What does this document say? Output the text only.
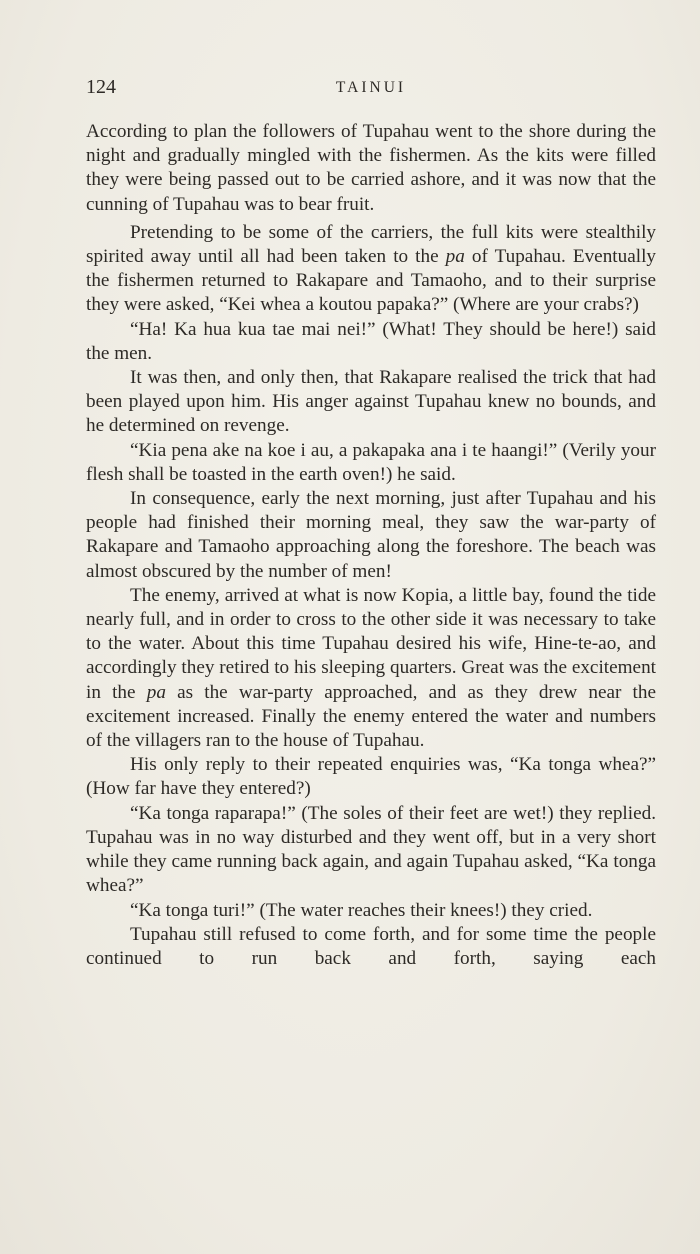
124	TAINUI

According to plan the followers of Tupahau went to the shore during the night and gradually mingled with the fishermen. As the kits were filled they were being passed out to be carried ashore, and it was now that the cunning of Tupahau was to bear fruit.

Pretending to be some of the carriers, the full kits were stealthily spirited away until all had been taken to the pa of Tupahau. Eventually the fishermen returned to Rakapare and Tamaoho, and to their surprise they were asked, “Kei whea a koutou papaka?” (Where are your crabs?)

“Ha! Ka hua kua tae mai nei!” (What! They should be here!) said the men.

It was then, and only then, that Rakapare realised the trick that had been played upon him. His anger against Tupahau knew no bounds, and he determined on revenge.

“Kia pena ake na koe i au, a pakapaka ana i te haangi!” (Verily your flesh shall be toasted in the earth oven!) he said.

In consequence, early the next morning, just after Tupahau and his people had finished their morning meal, they saw the war-party of Rakapare and Tamaoho approaching along the foreshore. The beach was almost obscured by the number of men!

The enemy, arrived at what is now Kopia, a little bay, found the tide nearly full, and in order to cross to the other side it was necessary to take to the water. About this time Tupahau desired his wife, Hine-te-ao, and accordingly they retired to his sleeping quarters. Great was the excitement in the pa as the war-party approached, and as they drew near the excitement increased. Finally the enemy entered the water and numbers of the villagers ran to the house of Tupahau.

His only reply to their repeated enquiries was, “Ka tonga whea?” (How far have they entered?)

“Ka tonga raparapa!” (The soles of their feet are wet!) they replied. Tupahau was in no way disturbed and they went off, but in a very short while they came running back again, and again Tupahau asked, “Ka tonga whea?”

“Ka tonga turi!” (The water reaches their knees!) they cried.

Tupahau still refused to come forth, and for some time the people continued to run back and forth, saying each
